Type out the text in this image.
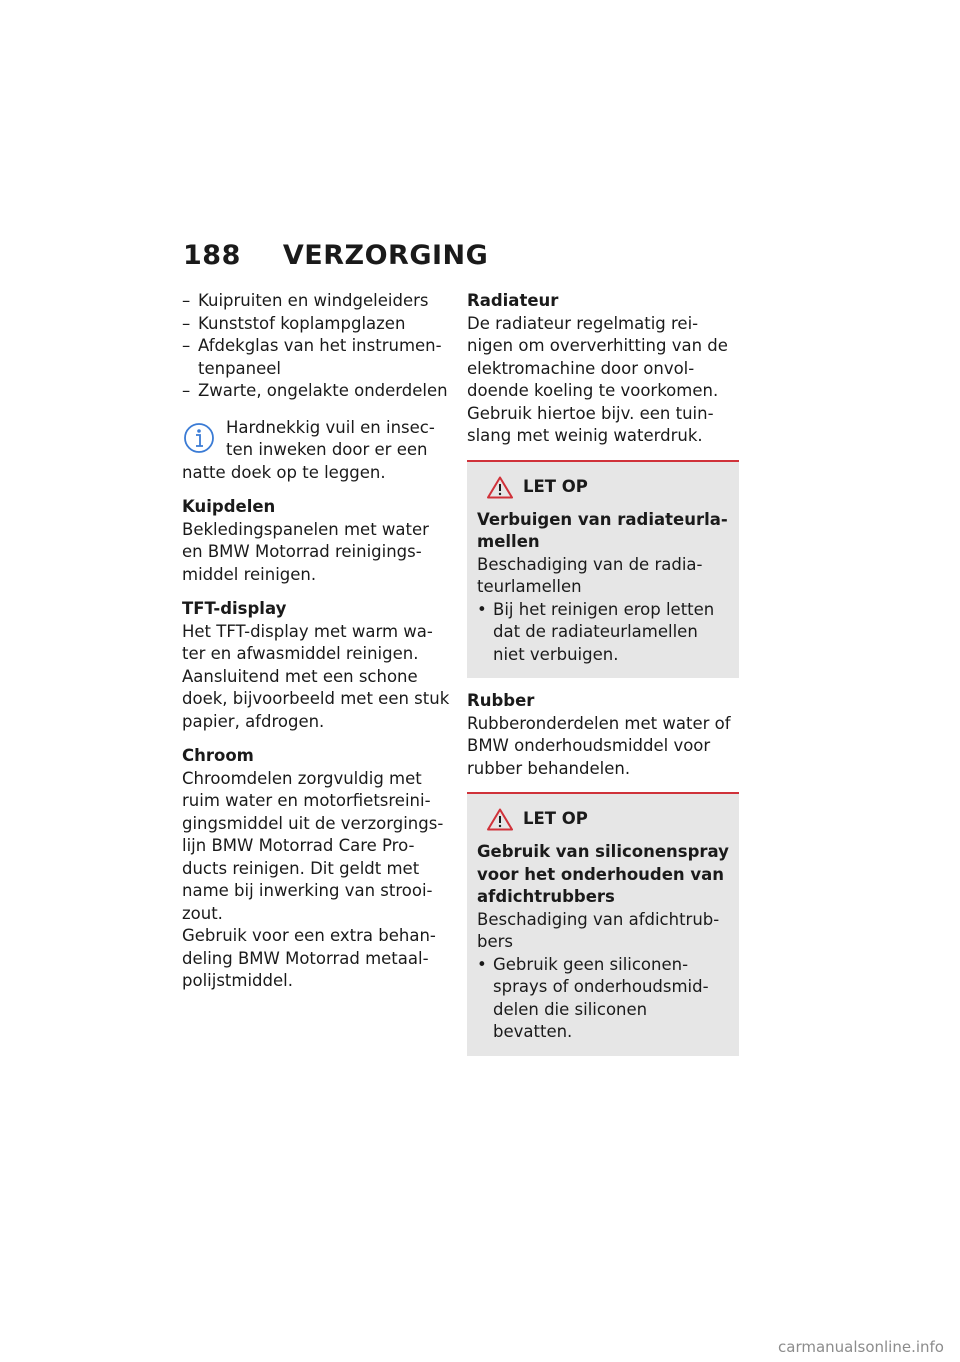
188 VERZORGING
– Kuipruiten en windgeleiders
– Kunststof koplampglazen
– Afdekglas van het instrumen-
tenpaneel
– Zwarte, ongelakte onderdelen

Hardnekkig vuil en insec-ten inweken door er een natte doek op te leggen.

Kuipdelen

Bekledingspanelen met water en BMW Motorrad reinigings-middel reinigen.

TFT-display

Het TFT-display met warm wa-ter en afwasmiddel reinigen. Aansluitend met een schone doek, bijvoorbeeld met een stuk papier, afdrogen.

Chroom

Chroomdelen zorgvuldig met ruim water en motorfietsreini-gingsmiddel uit de verzorgings-lijn BMW Motorrad Care Pro-ducts reinigen. Dit geldt met name bij inwerking van strooi-zout.

Gebruik voor een extra behan-deling BMW Motorrad metaal-polijstmiddel.

Radiateur

De radiateur regelmatig rei-nigen om oververhitting van de elektromachine door onvol-doende koeling te voorkomen.

Gebruik hiertoe bijv. een tuin-slang met weinig waterdruk.

LET OP

Verbuigen van radiateurla-mellen

Beschadiging van de radia-teurlamellen

• Bij het reinigen erop letten dat de radiateurlamellen niet verbuigen.

Rubber

Rubberonderdelen met water of BMW onderhoudsmiddel voor rubber behandelen.

LET OP

Gebruik van siliconenspray voor het onderhouden van afdichtrubbers

Beschadiging van afdichtrub-bers

• Gebruik geen siliconen-sprays of onderhoudsmid-delen die siliconen bevatten.
carmanualsonline.info
